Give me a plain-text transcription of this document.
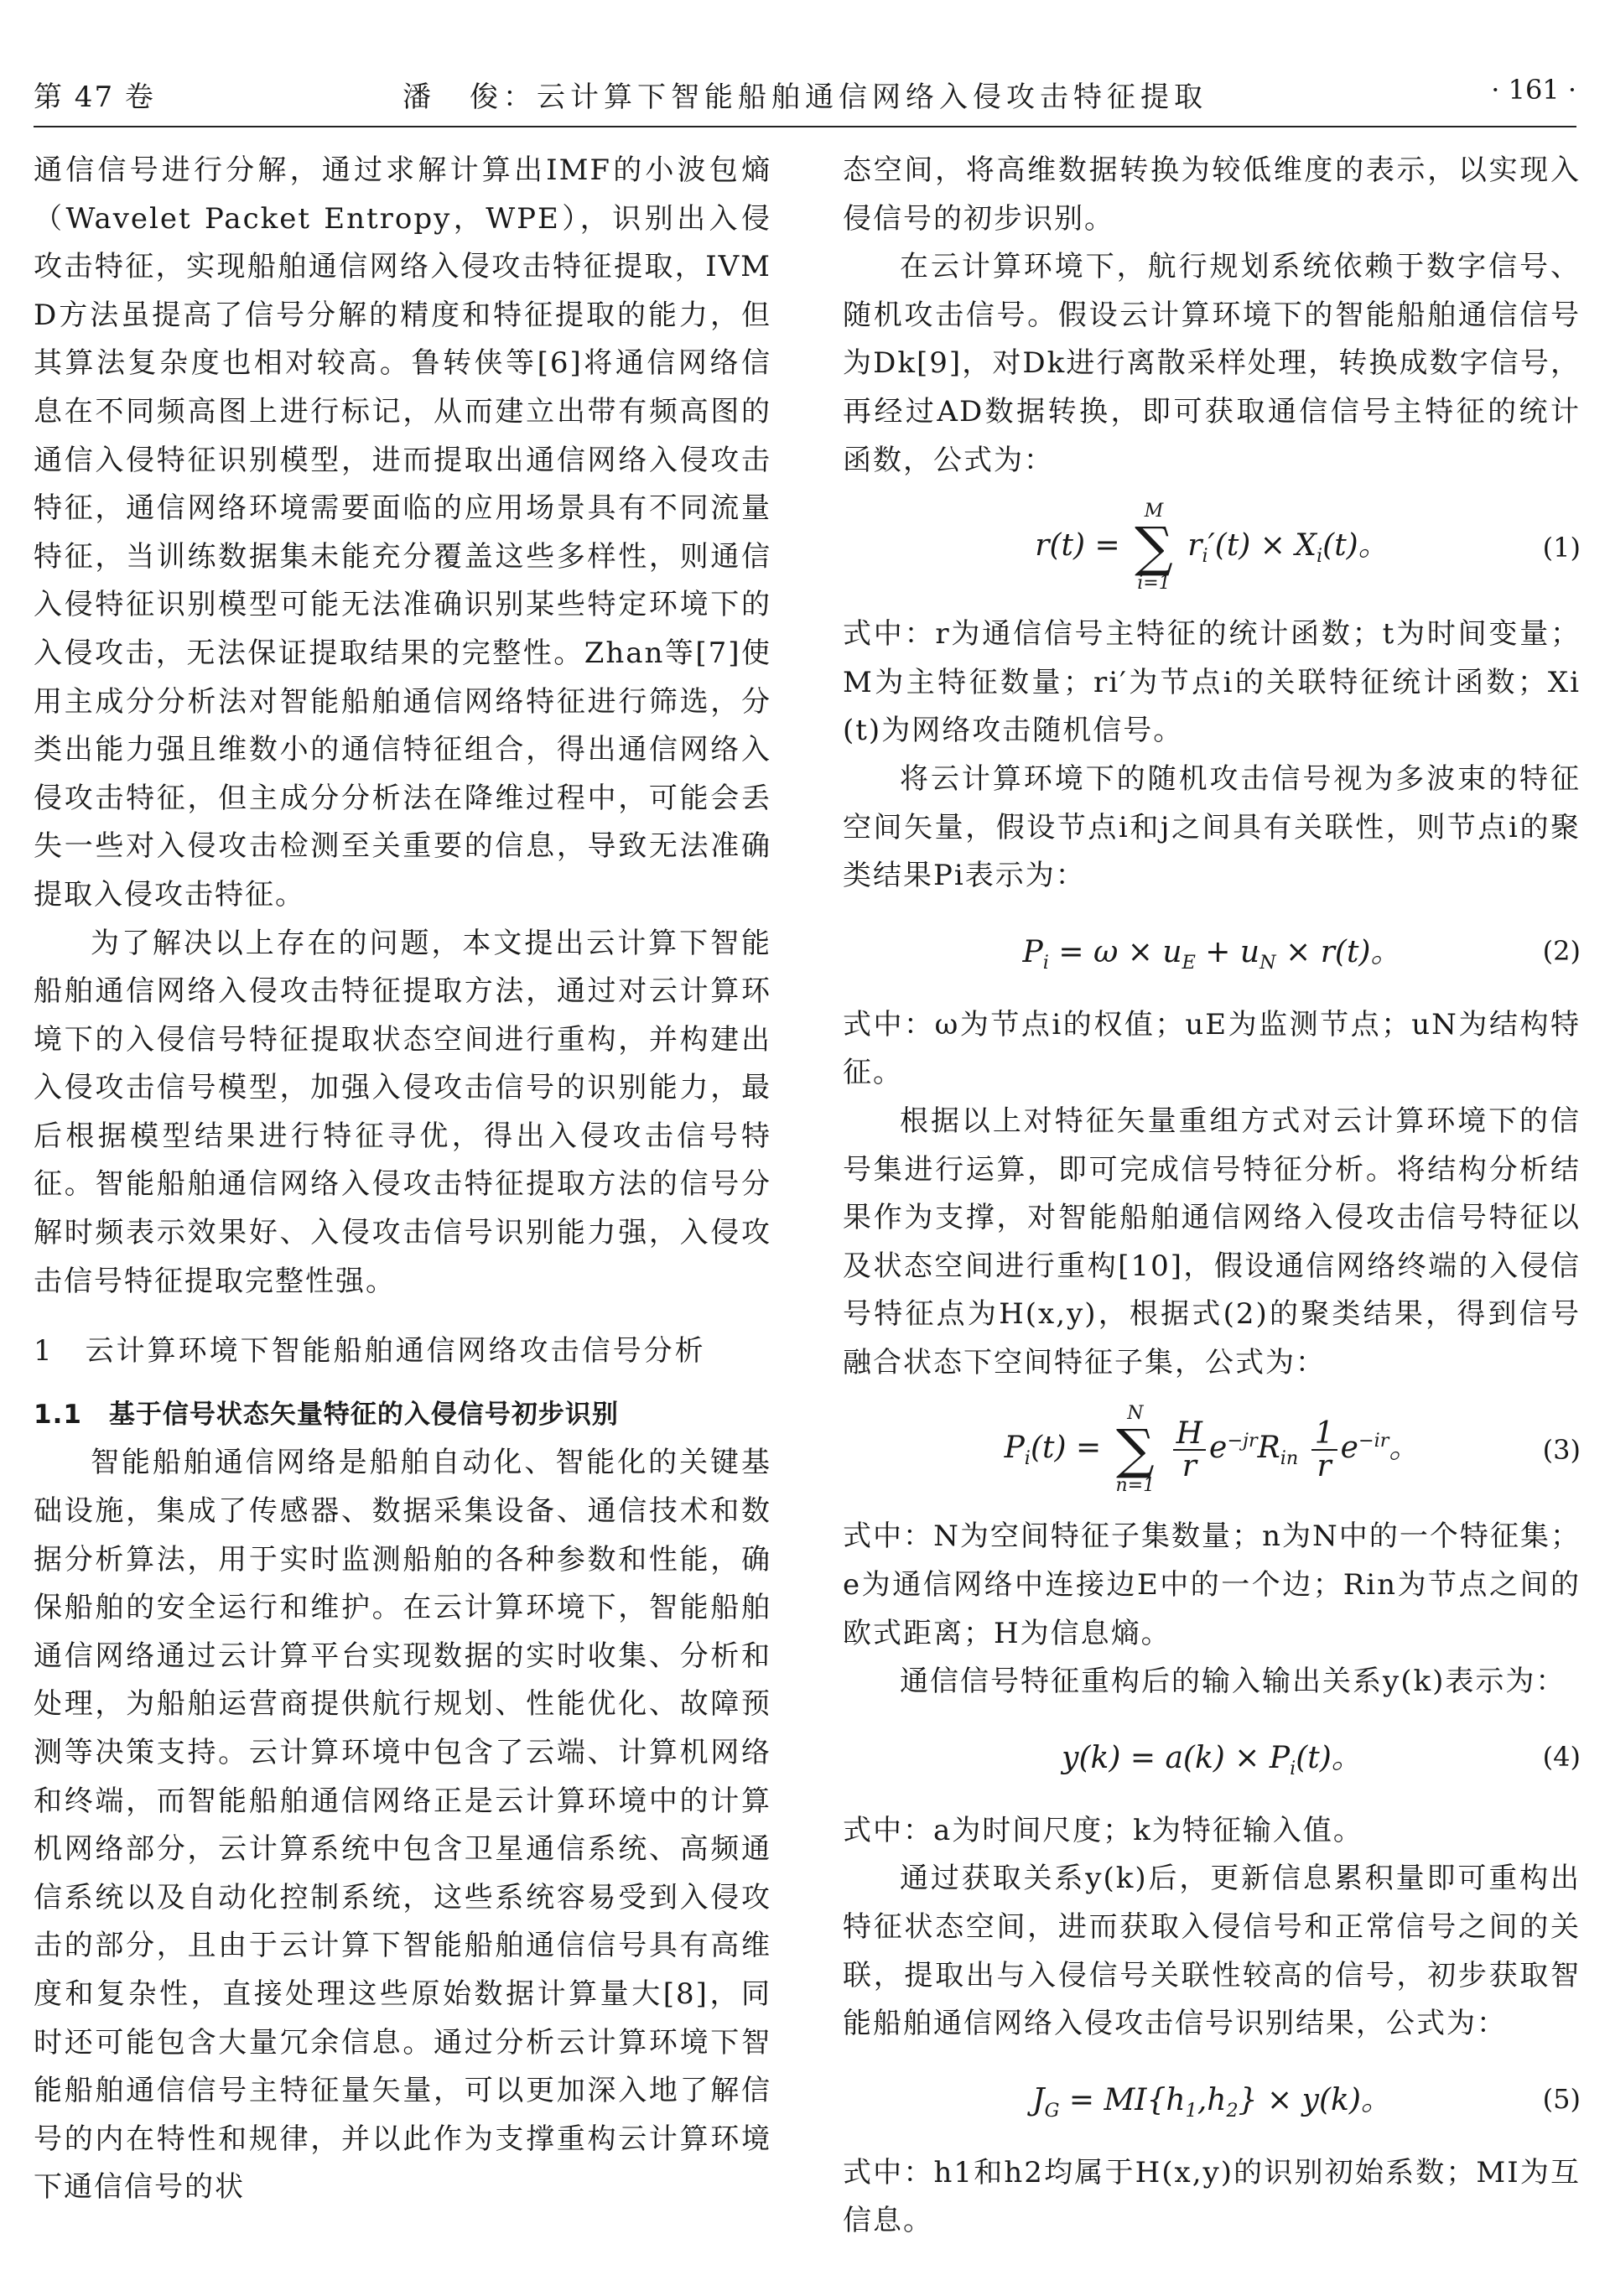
第 47 卷	潘　俊：云计算下智能船舶通信网络入侵攻击特征提取	· 161 ·

通信信号进行分解，通过求解计算出IMF的小波包熵（Wavelet Packet Entropy，WPE），识别出入侵攻击特征，实现船舶通信网络入侵攻击特征提取，IVMD方法虽提高了信号分解的精度和特征提取的能力，但其算法复杂度也相对较高。鲁转侠等[6]将通信网络信息在不同频高图上进行标记，从而建立出带有频高图的通信入侵特征识别模型，进而提取出通信网络入侵攻击特征，通信网络环境需要面临的应用场景具有不同流量特征，当训练数据集未能充分覆盖这些多样性，则通信入侵特征识别模型可能无法准确识别某些特定环境下的入侵攻击，无法保证提取结果的完整性。Zhan等[7]使用主成分分析法对智能船舶通信网络特征进行筛选，分类出能力强且维数小的通信特征组合，得出通信网络入侵攻击特征，但主成分分析法在降维过程中，可能会丢失一些对入侵攻击检测至关重要的信息，导致无法准确提取入侵攻击特征。

为了解决以上存在的问题，本文提出云计算下智能船舶通信网络入侵攻击特征提取方法，通过对云计算环境下的入侵信号特征提取状态空间进行重构，并构建出入侵攻击信号模型，加强入侵攻击信号的识别能力，最后根据模型结果进行特征寻优，得出入侵攻击信号特征。智能船舶通信网络入侵攻击特征提取方法的信号分解时频表示效果好、入侵攻击信号识别能力强，入侵攻击信号特征提取完整性强。

1　云计算环境下智能船舶通信网络攻击信号分析
1.1　基于信号状态矢量特征的入侵信号初步识别

智能船舶通信网络是船舶自动化、智能化的关键基础设施，集成了传感器、数据采集设备、通信技术和数据分析算法，用于实时监测船舶的各种参数和性能，确保船舶的安全运行和维护。在云计算环境下，智能船舶通信网络通过云计算平台实现数据的实时收集、分析和处理，为船舶运营商提供航行规划、性能优化、故障预测等决策支持。云计算环境中包含了云端、计算机网络和终端，而智能船舶通信网络正是云计算环境中的计算机网络部分，云计算系统中包含卫星通信系统、高频通信系统以及自动化控制系统，这些系统容易受到入侵攻击的部分，且由于云计算下智能船舶通信信号具有高维度和复杂性，直接处理这些原始数据计算量大[8]，同时还可能包含大量冗余信息。通过分析云计算环境下智能船舶通信信号主特征量矢量，可以更加深入地了解信号的内在特性和规律，并以此作为支撑重构云计算环境下通信信号的状

态空间，将高维数据转换为较低维度的表示，以实现入侵信号的初步识别。

在云计算环境下，航行规划系统依赖于数字信号、随机攻击信号。假设云计算环境下的智能船舶通信信号为Dk[9]，对Dk进行离散采样处理，转换成数字信号，再经过AD数据转换，即可获取通信信号主特征的统计函数，公式为：

r(t) =
M
∑
i=1
$r_i'(t) \times X_i(t)$。	(1)

式中：r为通信信号主特征的统计函数；t为时间变量；M为主特征数量；ri′为节点i的关联特征统计函数；Xi(t)为网络攻击随机信号。

将云计算环境下的随机攻击信号视为多波束的特征空间矢量，假设节点i和j之间具有关联性，则节点i的聚类结果Pi表示为：

$P_i = \omega \times u_E + u_N \times r(t)$。	(2)

式中：ω为节点i的权值；uE为监测节点；uN为结构特征。

根据以上对特征矢量重组方式对云计算环境下的信号集进行运算，即可完成信号特征分析。将结构分析结果作为支撑，对智能船舶通信网络入侵攻击信号特征以及状态空间进行重构[10]，假设通信网络终端的入侵信号特征点为H(x,y)，根据式(2)的聚类结果，得到信号融合状态下空间特征子集，公式为：

$P_i(t)$ =
N
∑
n=1

$\frac{H}{r} e^{-jr}R_{in} \frac{1}{r} e^{-ir}$。	(3)

式中：N为空间特征子集数量；n为N中的一个特征集；e为通信网络中连接边E中的一个边；Rin为节点之间的欧式距离；H为信息熵。

通信信号特征重构后的输入输出关系y(k)表示为：

$y(k) = a(k) \times P_i(t)$。	(4)

式中：a为时间尺度；k为特征输入值。

通过获取关系y(k)后，更新信息累积量即可重构出特征状态空间，进而获取入侵信号和正常信号之间的关联，提取出与入侵信号关联性较高的信号，初步获取智能船舶通信网络入侵攻击信号识别结果，公式为：

$J_G = MI\{h_1,h_2\} \times y(k)$。	(5)

式中：h1和h2均属于H(x,y)的识别初始系数；MI为互信息。
